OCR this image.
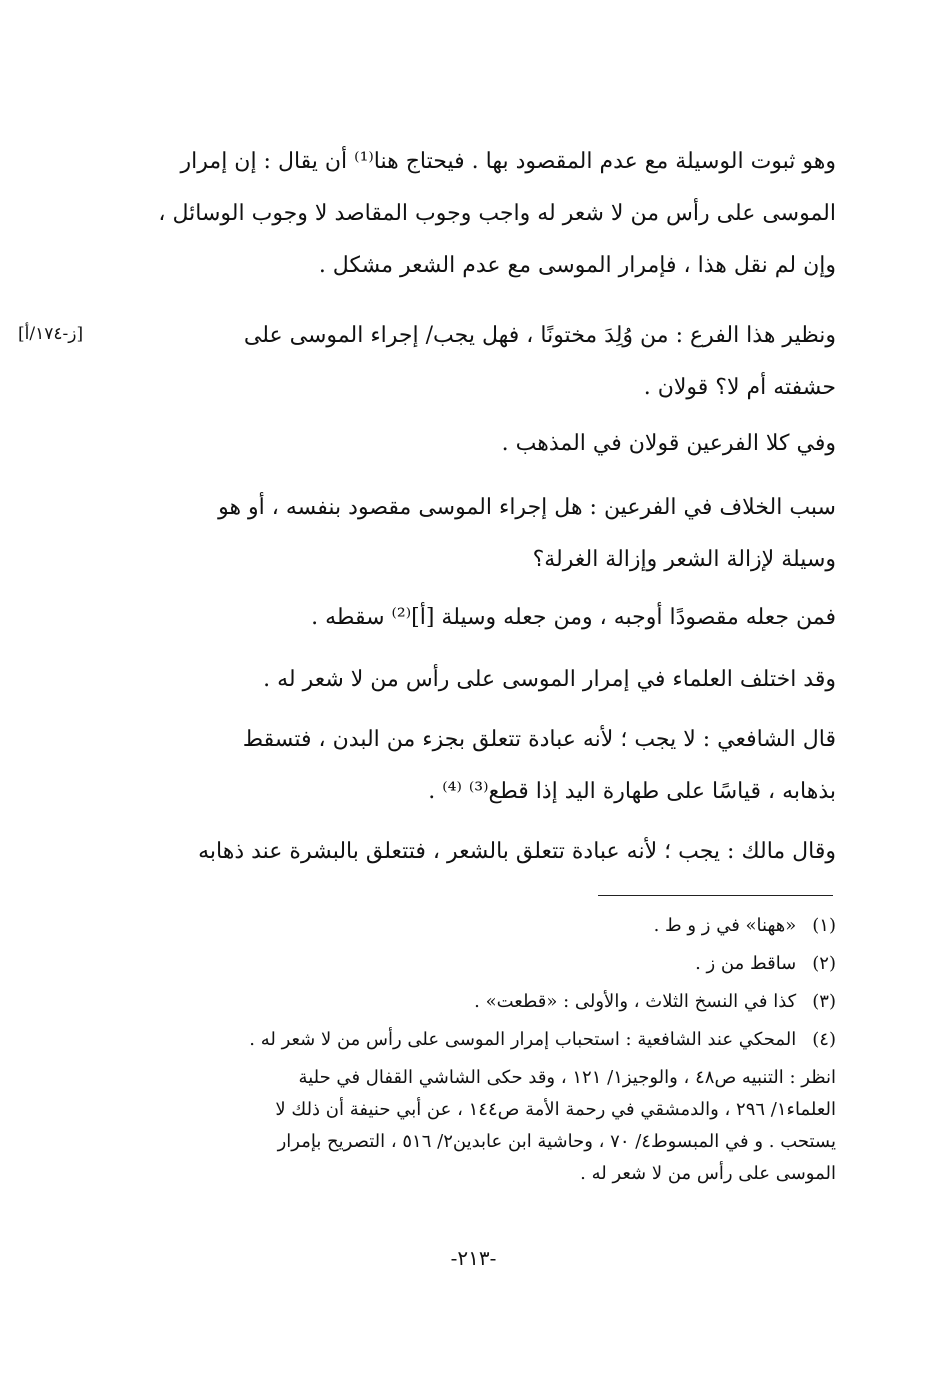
[ز-١٧٤/أ]
وهو ثبوت الوسيلة مع عدم المقصود بها . فيحتاج هنا⁽¹⁾ أن يقال : إن إمرار
الموسى على رأس من لا شعر له واجب وجوب المقاصد لا وجوب الوسائل ،
وإن لم نقل هذا ، فإمرار الموسى مع عدم الشعر مشكل .
ونظير هذا الفرع : من وُلِدَ مختونًا ، فهل يجب/ إجراء الموسى على
حشفته أم لا؟ قولان .
وفي كلا الفرعين قولان في المذهب .
سبب الخلاف في الفرعين : هل إجراء الموسى مقصود بنفسه ، أو هو
وسيلة لإزالة الشعر وإزالة الغرلة؟
فمن جعله مقصودًا أوجبه ، ومن جعله وسيلة [أ]⁽²⁾ سقطه .
وقد اختلف العلماء في إمرار الموسى على رأس من لا شعر له .
قال الشافعي : لا يجب ؛ لأنه عبادة تتعلق بجزء من البدن ، فتسقط
بذهابه ، قياسًا على طهارة اليد إذا قطع⁽³⁾ ⁽⁴⁾ .
وقال مالك : يجب ؛ لأنه عبادة تتعلق بالشعر ، فتتعلق بالبشرة عند ذهابه
(١) «ههنا» في ز و ط .
(٢) ساقط من ز .
(٣) كذا في النسخ الثلاث ، والأولى : «قطعت» .
(٤) المحكي عند الشافعية : استحباب إمرار الموسى على رأس من لا شعر له .
انظر : التنبيه ص٤٨ ، والوجيز١/ ١٢١ ، وقد حكى الشاشي القفال في حلية
العلماء١/ ٢٩٦ ، والدمشقي في رحمة الأمة ص١٤٤ ، عن أبي حنيفة أن ذلك لا
يستحب . و في المبسوط٤/ ٧٠ ، وحاشية ابن عابدين٢/ ٥١٦ ، التصريح بإمرار
الموسى على رأس من لا شعر له .
-٢١٣-
